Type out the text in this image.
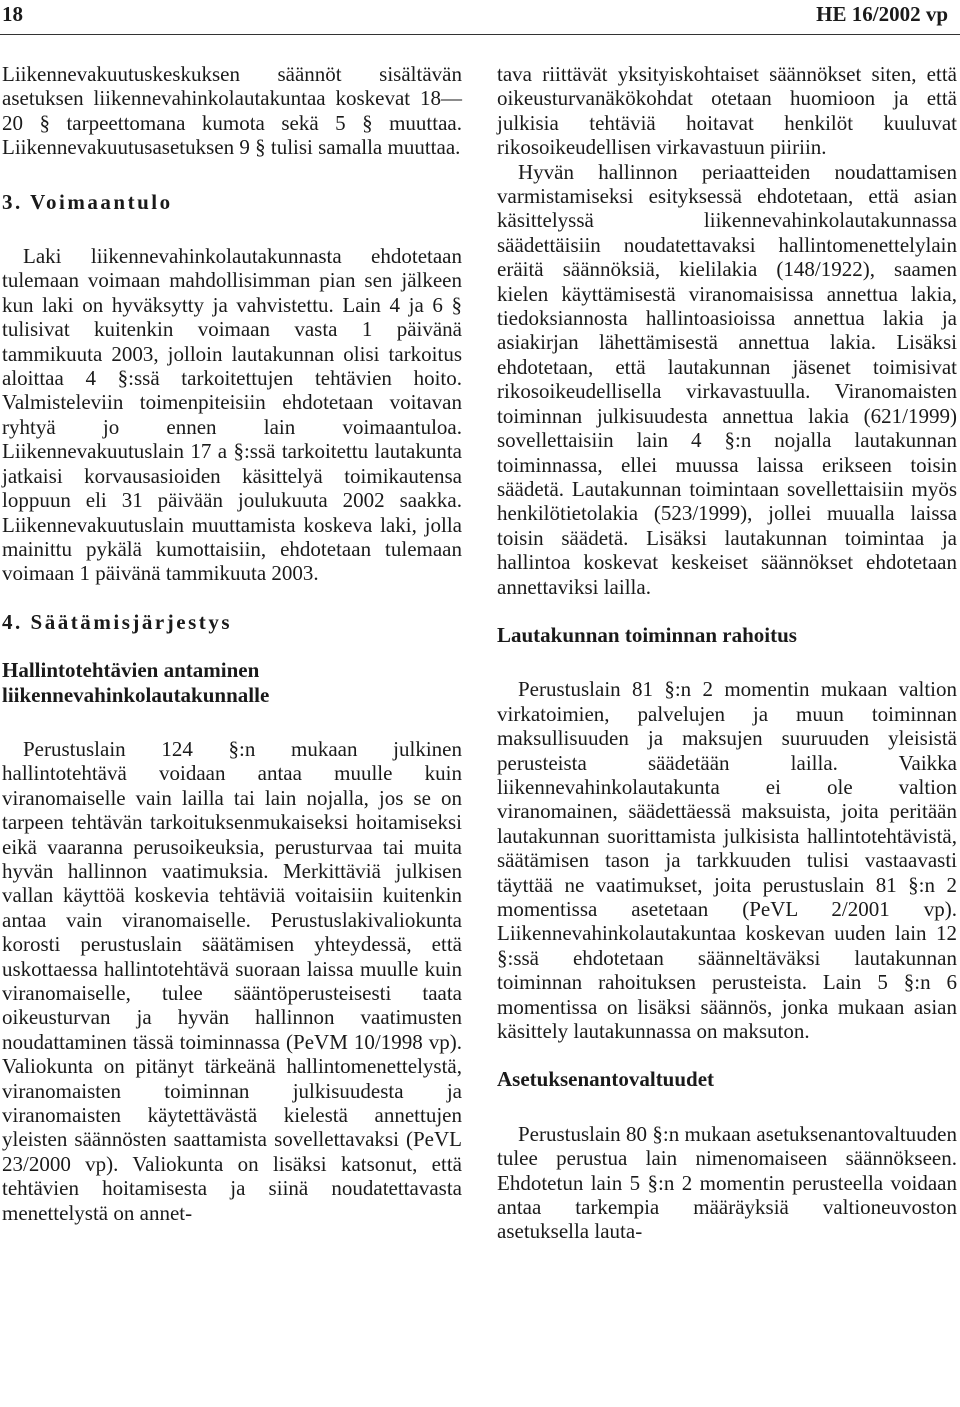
18	HE 16/2002 vp

Liikennevakuutuskeskuksen säännöt sisältävän asetuksen liikennevahinkolautakuntaa koskevat 18—20 § tarpeettomana kumota sekä 5 § muuttaa. Liikennevakuutusasetuksen 9 § tulisi samalla muuttaa.

3. Voimaantulo

Laki liikennevahinkolautakunnasta ehdotetaan tulemaan voimaan mahdollisimman pian sen jälkeen kun laki on hyväksytty ja vahvistettu. Lain 4 ja 6 § tulisivat kuitenkin voimaan vasta 1 päivänä tammikuuta 2003, jolloin lautakunnan olisi tarkoitus aloittaa 4 §:ssä tarkoitettujen tehtävien hoito. Valmisteleviin toimenpiteisiin ehdotetaan voitavan ryhtyä jo ennen lain voimaantuloa. Liikennevakuutuslain 17 a §:ssä tarkoitettu lautakunta jatkaisi korvausasioiden käsittelyä toimikautensa loppuun eli 31 päivään joulukuuta 2002 saakka. Liikennevakuutuslain muuttamista koskeva laki, jolla mainittu pykälä kumottaisiin, ehdotetaan tulemaan voimaan 1 päivänä tammikuuta 2003.

4. Säätämisjärjestys
Hallintotehtävien antaminen liikennevahinkolautakunnalle

Perustuslain 124 §:n mukaan julkinen hallintotehtävä voidaan antaa muulle kuin viranomaiselle vain lailla tai lain nojalla, jos se on tarpeen tehtävän tarkoituksenmukaiseksi hoitamiseksi eikä vaaranna perusoikeuksia, perusturvaa tai muita hyvän hallinnon vaatimuksia. Merkittäviä julkisen vallan käyttöä koskevia tehtäviä voitaisiin kuitenkin antaa vain viranomaiselle. Perustuslakivaliokunta korosti perustuslain säätämisen yhteydessä, että uskottaessa hallintotehtävä suoraan laissa muulle kuin viranomaiselle, tulee sääntöperusteisesti taata oikeusturvan ja hyvän hallinnon vaatimusten noudattaminen tässä toiminnassa (PeVM 10/1998 vp). Valiokunta on pitänyt tärkeänä hallintomenettelystä, viranomaisten toiminnan julkisuudesta ja viranomaisten käytettävästä kielestä annettujen yleisten säännösten saattamista sovellettavaksi (PeVL 23/2000 vp). Valiokunta on lisäksi katsonut, että tehtävien hoitamisesta ja siinä noudatettavasta menettelystä on annet-

tava riittävät yksityiskohtaiset säännökset siten, että oikeusturvanäkökohdat otetaan huomioon ja että julkisia tehtäviä hoitavat henkilöt kuuluvat rikosoikeudellisen virkavastuun piiriin.

Hyvän hallinnon periaatteiden noudattamisen varmistamiseksi esityksessä ehdotetaan, että asian käsittelyssä liikennevahinkolautakunnassa säädettäisiin noudatettavaksi hallintomenettelylain eräitä säännöksiä, kielilakia (148/1922), saamen kielen käyttämisestä viranomaisissa annettua lakia, tiedoksiannosta hallintoasioissa annettua lakia ja asiakirjan lähettämisestä annettua lakia. Lisäksi ehdotetaan, että lautakunnan jäsenet toimisivat rikosoikeudellisella virkavastuulla. Viranomaisten toiminnan julkisuudesta annettua lakia (621/1999) sovellettaisiin lain 4 §:n nojalla lautakunnan toiminnassa, ellei muussa laissa erikseen toisin säädetä. Lautakunnan toimintaan sovellettaisiin myös henkilötietolakia (523/1999), jollei muualla laissa toisin säädetä. Lisäksi lautakunnan toimintaa ja hallintoa koskevat keskeiset säännökset ehdotetaan annettaviksi lailla.

Lautakunnan toiminnan rahoitus

Perustuslain 81 §:n 2 momentin mukaan valtion virkatoimien, palvelujen ja muun toiminnan maksullisuuden ja maksujen suuruuden yleisistä perusteista säädetään lailla. Vaikka liikennevahinkolautakunta ei ole valtion viranomainen, säädettäessä maksuista, joita peritään lautakunnan suorittamista julkisista hallintotehtävistä, säätämisen tason ja tarkkuuden tulisi vastaavasti täyttää ne vaatimukset, joita perustuslain 81 §:n 2 momentissa asetetaan (PeVL 2/2001 vp). Liikennevahinkolautakuntaa koskevan uuden lain 12 §:ssä ehdotetaan säänneltäväksi lautakunnan toiminnan rahoituksen perusteista. Lain 5 §:n 6 momentissa on lisäksi säännös, jonka mukaan asian käsittely lautakunnassa on maksuton.

Asetuksenantovaltuudet

Perustuslain 80 §:n mukaan asetuksenantovaltuuden tulee perustua lain nimenomaiseen säännökseen. Ehdotetun lain 5 §:n 2 momentin perusteella voidaan antaa tarkempia määräyksiä valtioneuvoston asetuksella lauta-
